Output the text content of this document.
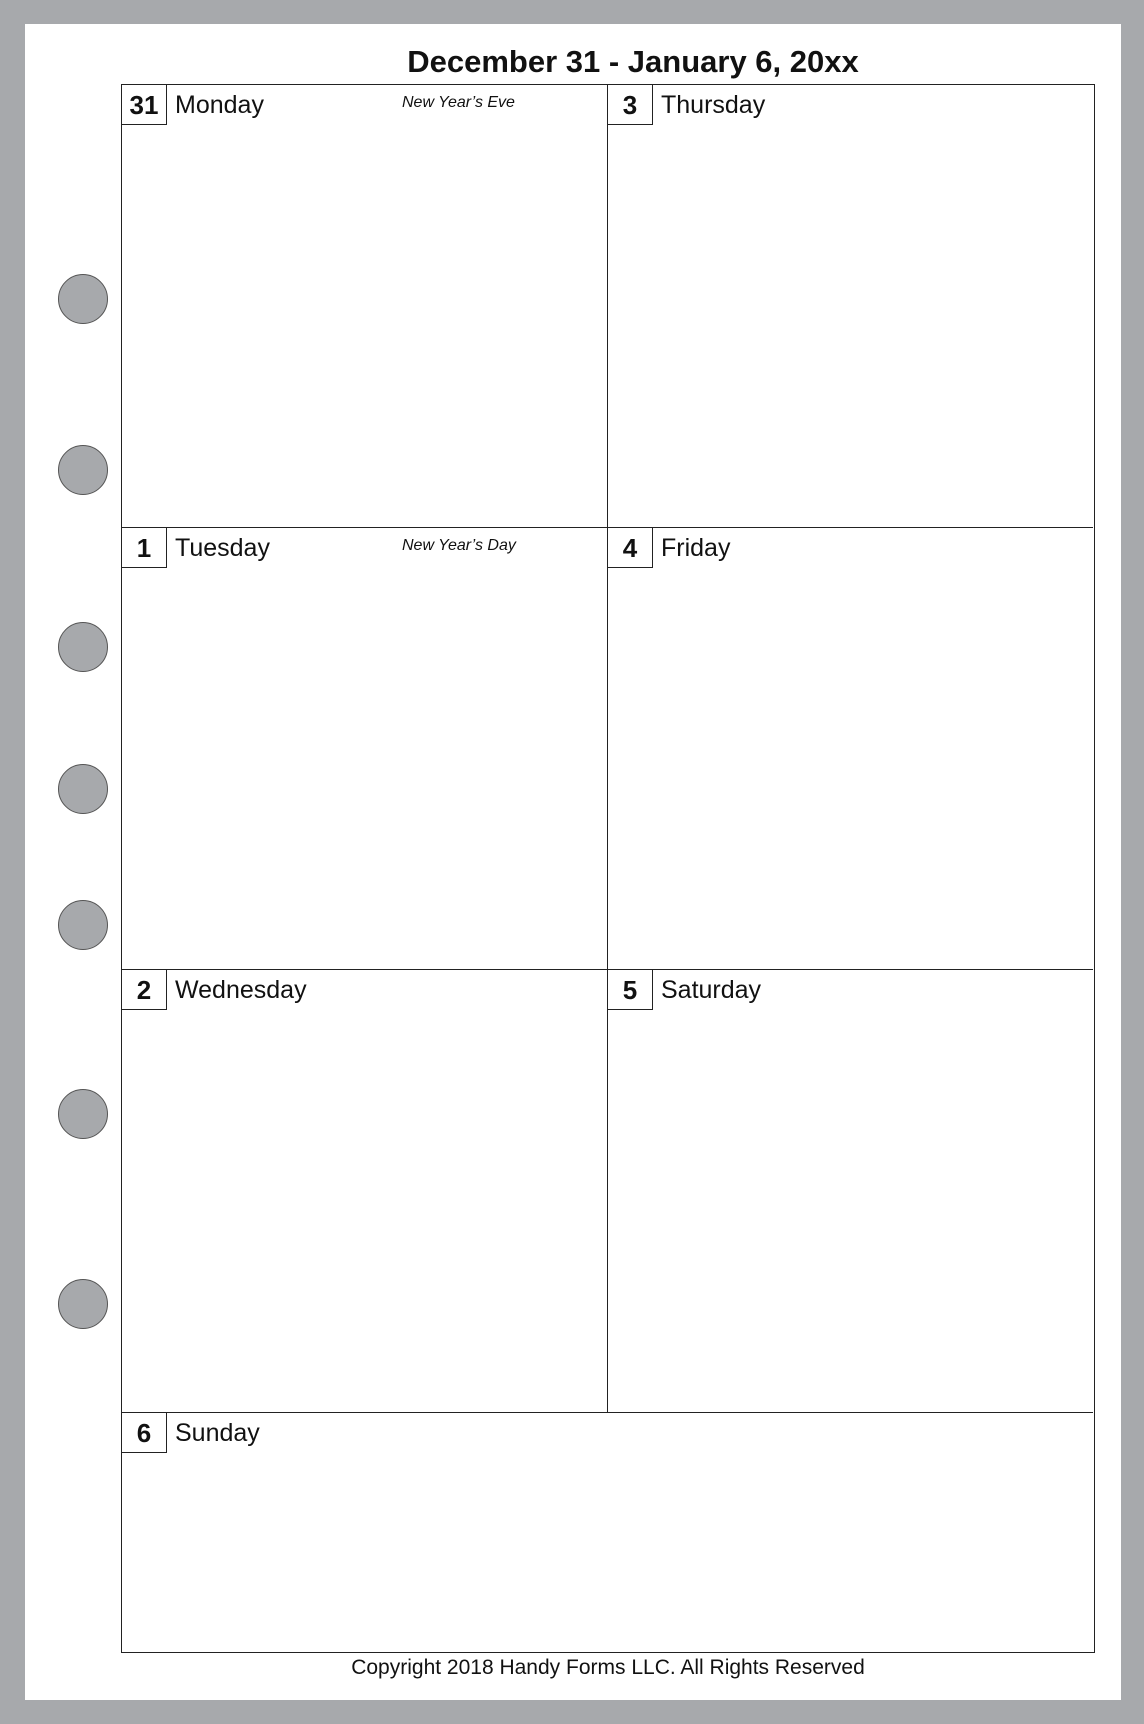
December 31 - January 6, 20xx
31 Monday	New Year’s Eve
1 Tuesday	New Year’s Day
2 Wednesday
3 Thursday
4 Friday
5 Saturday
6 Sunday
Copyright 2018 Handy Forms LLC. All Rights Reserved
